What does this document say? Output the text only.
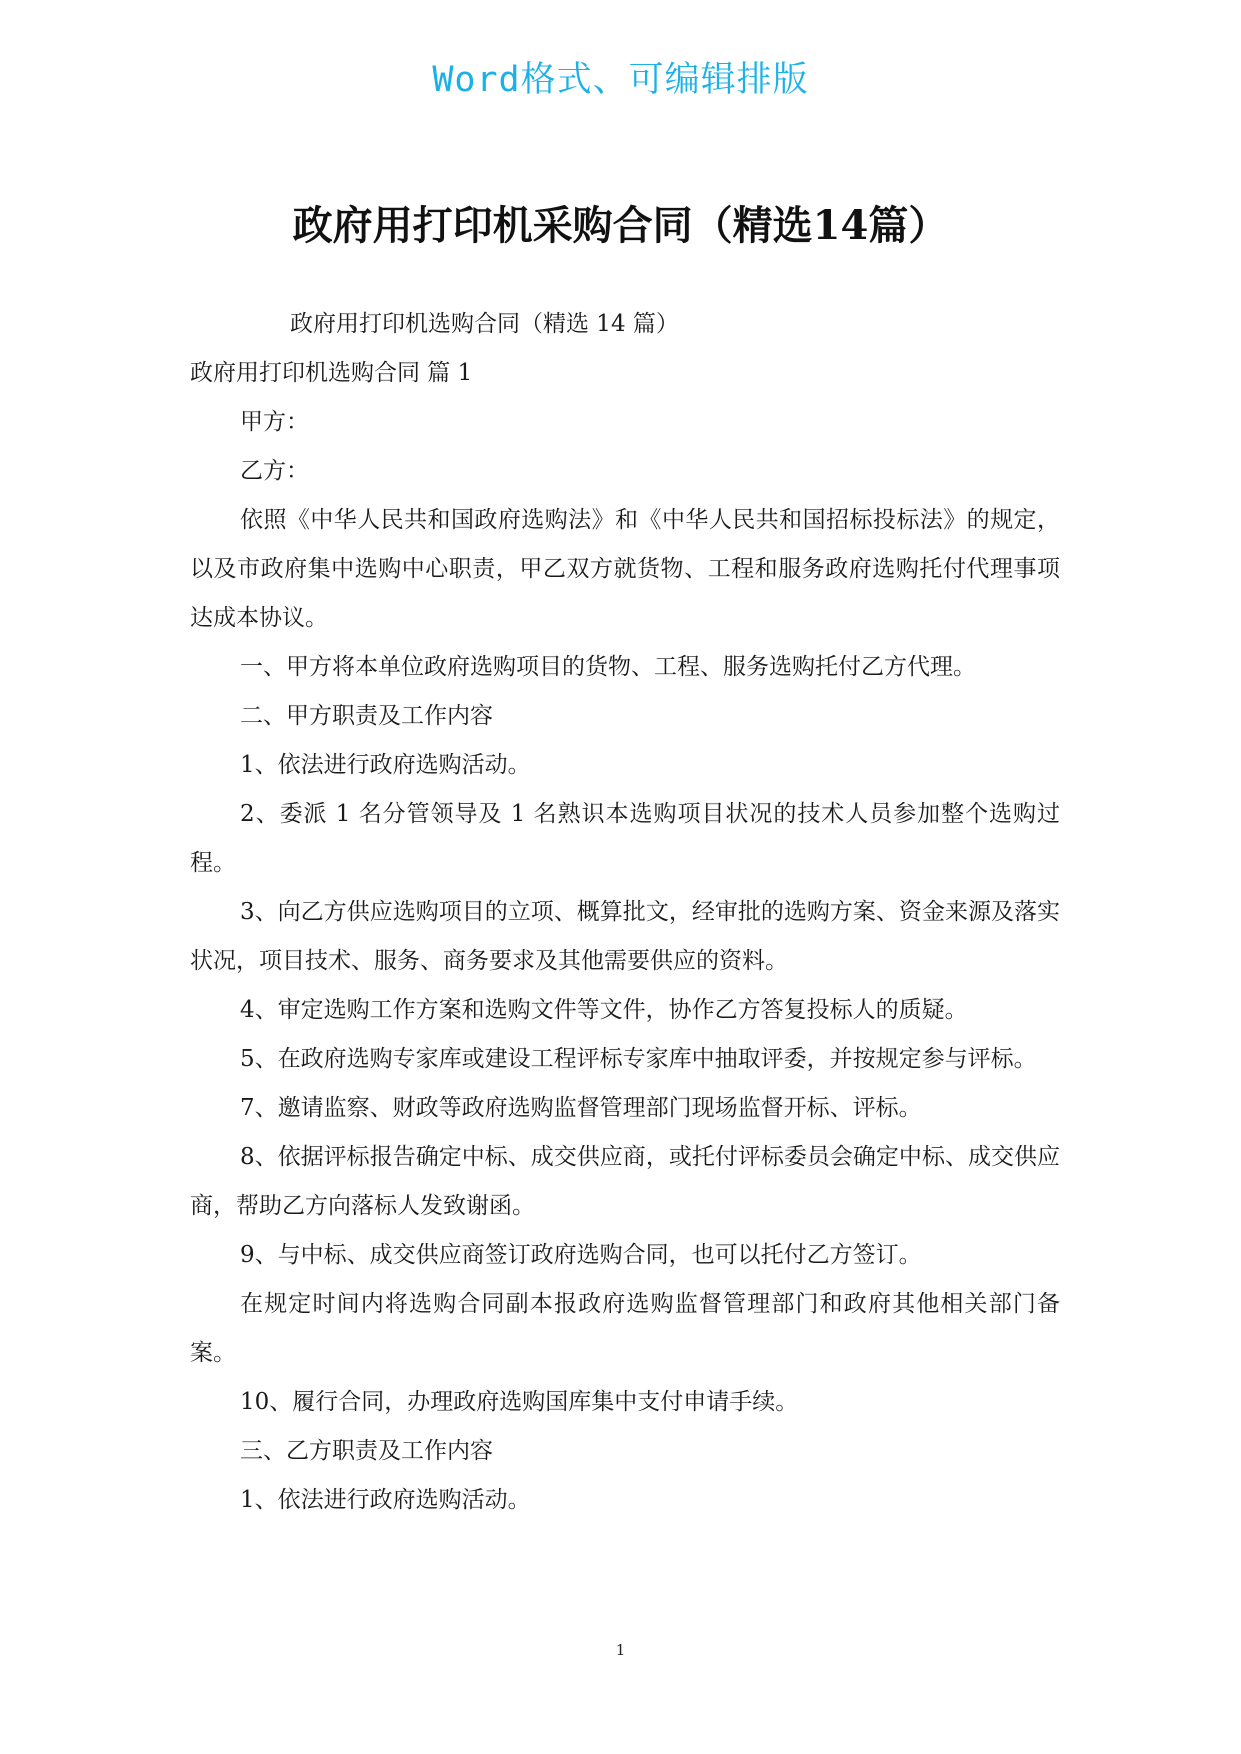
Word格式、可编辑排版
政府用打印机采购合同（精选14篇）

政府用打印机选购合同（精选 14 篇）

政府用打印机选购合同 篇 1

甲方：

乙方：

依照《中华人民共和国政府选购法》和《中华人民共和国招标投标法》的规定，以及市政府集中选购中心职责，甲乙双方就货物、工程和服务政府选购托付代理事项达成本协议。

一、甲方将本单位政府选购项目的货物、工程、服务选购托付乙方代理。

二、甲方职责及工作内容

1、依法进行政府选购活动。

2、委派 1 名分管领导及 1 名熟识本选购项目状况的技术人员参加整个选购过程。

3、向乙方供应选购项目的立项、概算批文，经审批的选购方案、资金来源及落实状况，项目技术、服务、商务要求及其他需要供应的资料。

4、审定选购工作方案和选购文件等文件，协作乙方答复投标人的质疑。

5、在政府选购专家库或建设工程评标专家库中抽取评委，并按规定参与评标。

7、邀请监察、财政等政府选购监督管理部门现场监督开标、评标。

8、依据评标报告确定中标、成交供应商，或托付评标委员会确定中标、成交供应商，帮助乙方向落标人发致谢函。

9、与中标、成交供应商签订政府选购合同，也可以托付乙方签订。

在规定时间内将选购合同副本报政府选购监督管理部门和政府其他相关部门备案。

10、履行合同，办理政府选购国库集中支付申请手续。

三、乙方职责及工作内容

1、依法进行政府选购活动。

1
